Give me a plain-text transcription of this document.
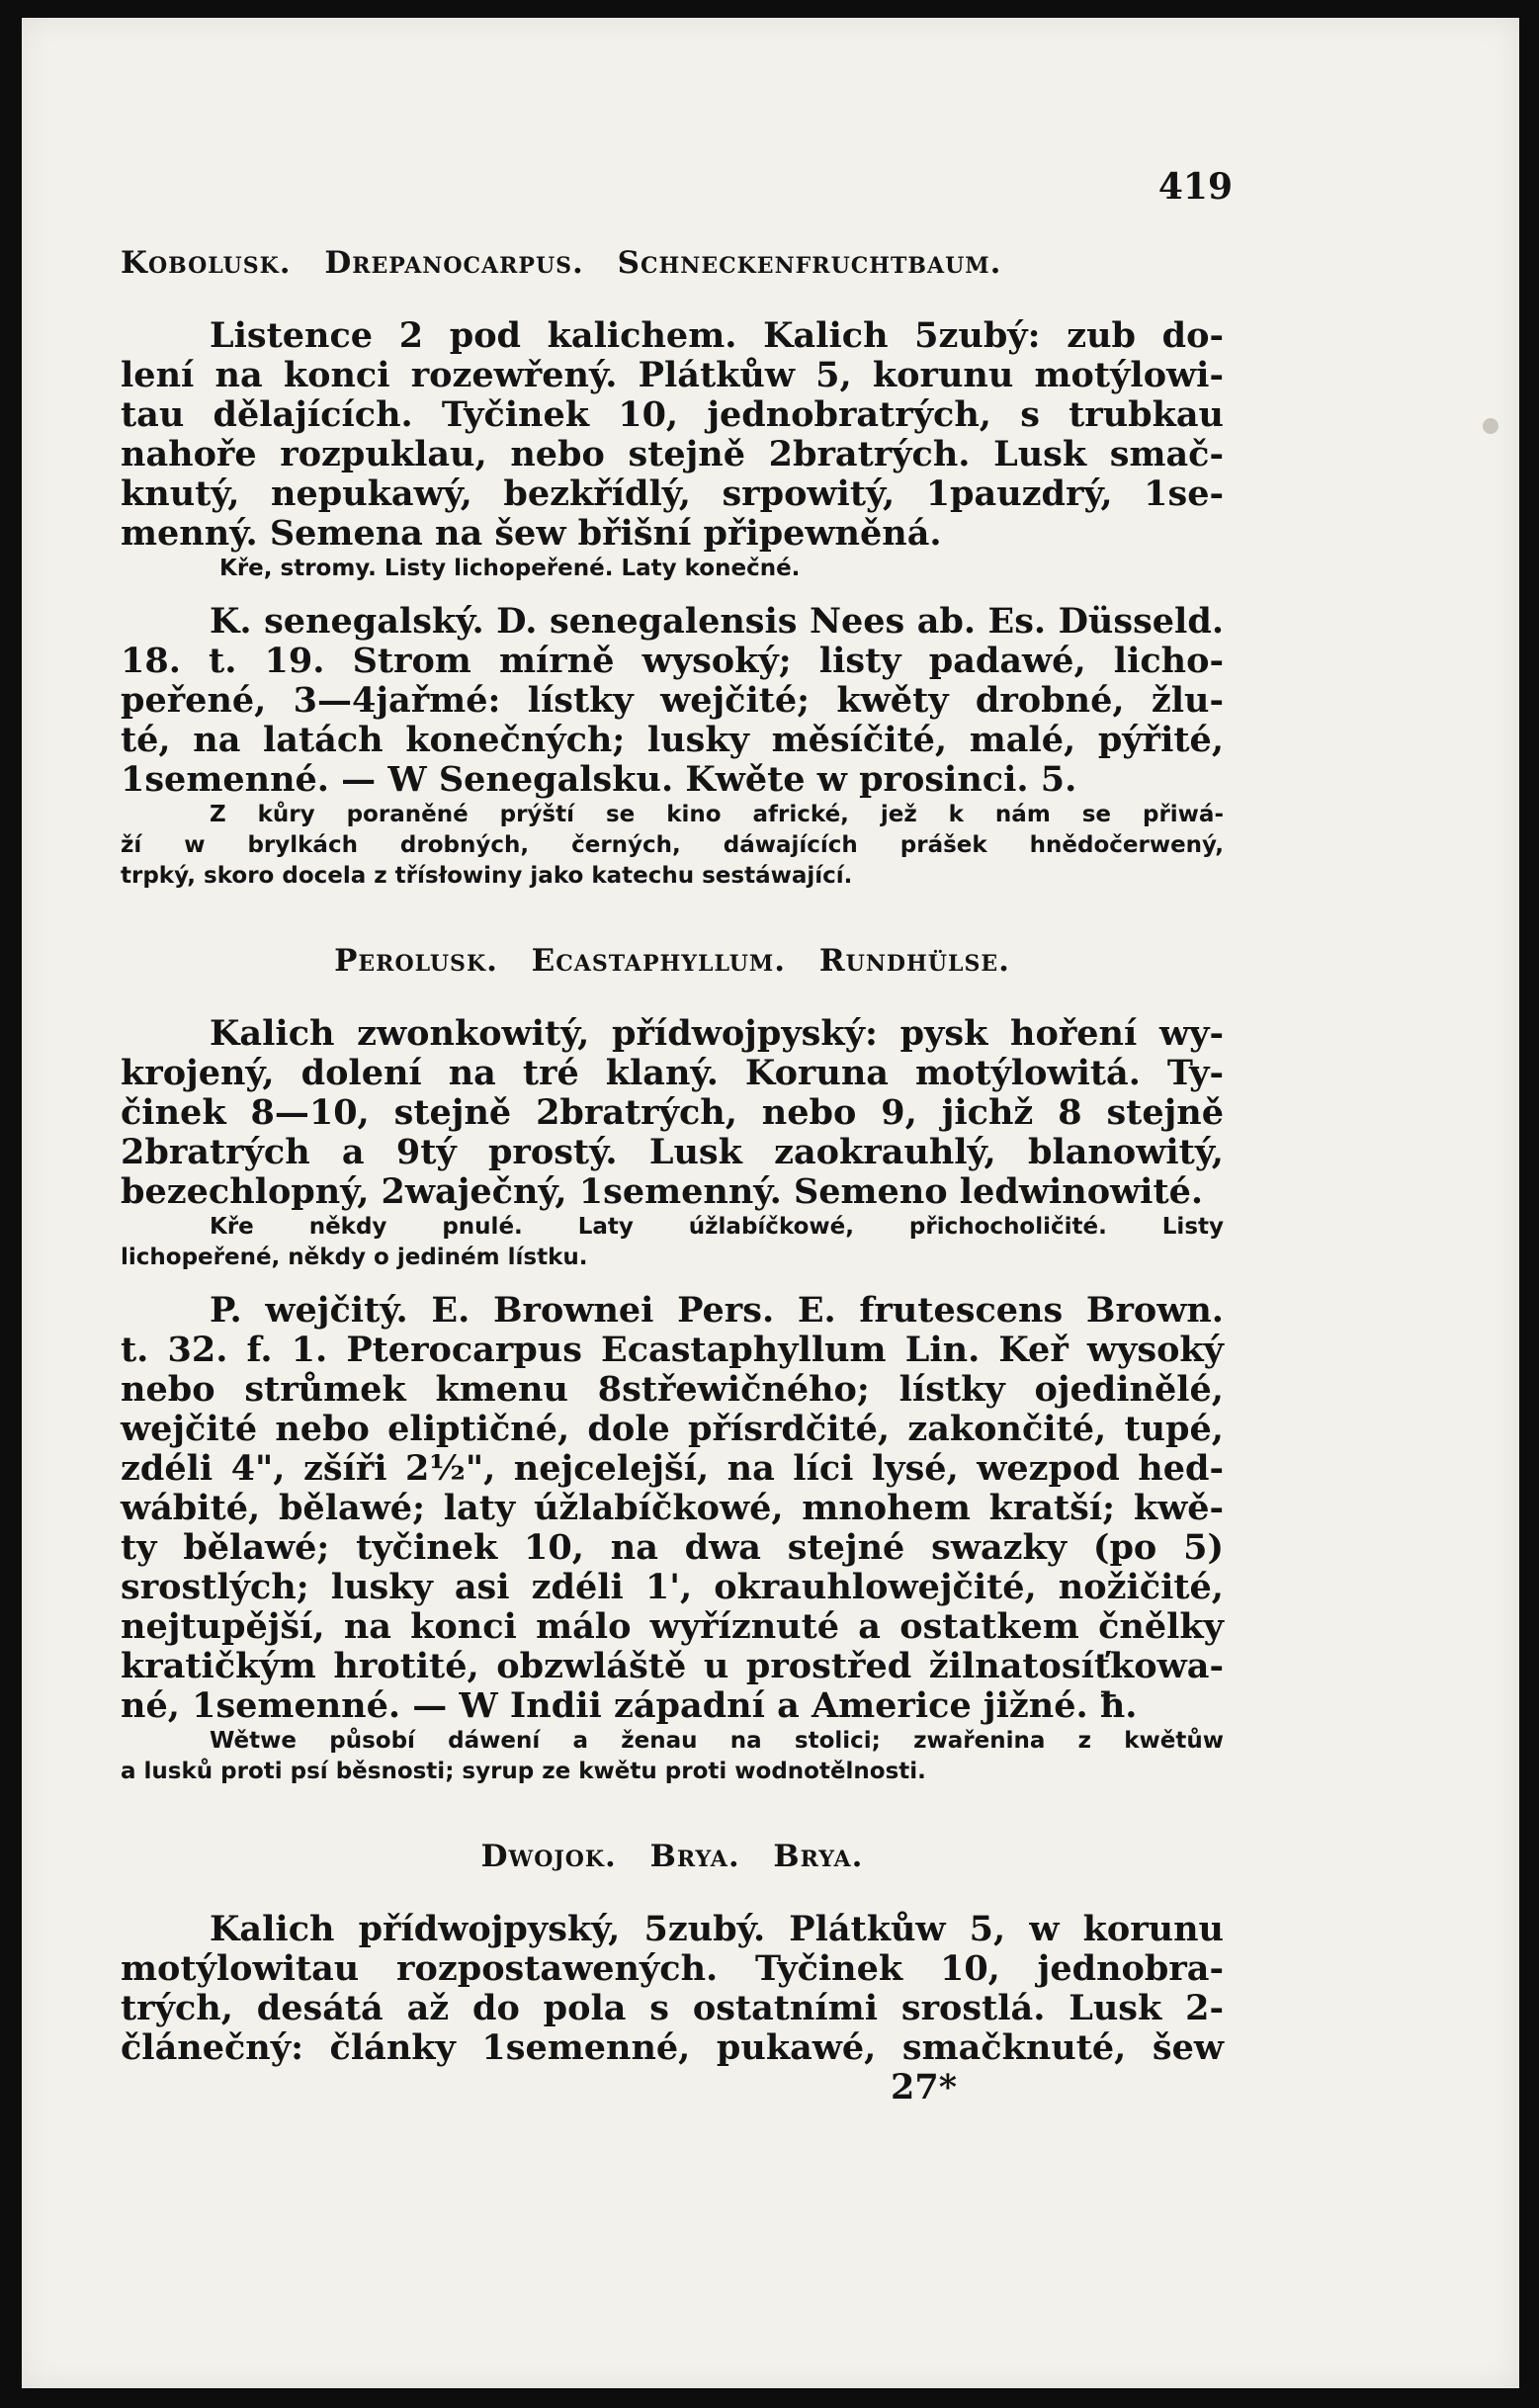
419
Kobolusk. Drepanocarpus. Schneckenfruchtbaum.
Listence 2 pod kalichem. Kalich 5zubý: zub do-
lení na konci rozewřený. Plátkůw 5, korunu motýlowi-
tau dělajících. Tyčinek 10, jednobratrých, s trubkau
nahoře rozpuklau, nebo stejně 2bratrých. Lusk smač-
knutý, nepukawý, bezkřídlý, srpowitý, 1pauzdrý, 1se-
menný. Semena na šew břišní připewněná.
Kře, stromy. Listy lichopeřené. Laty konečné.
K. senegalský. D. senegalensis Nees ab. Es. Düsseld.
18. t. 19. Strom mírně wysoký; listy padawé, licho-
peřené, 3—4jařmé: lístky wejčité; kwěty drobné, žlu-
té, na latách konečných; lusky měsíčité, malé, pýřité,
1semenné. — W Senegalsku. Kwěte w prosinci. 5.
Z kůry poraněné prýští se kino africké, jež k nám se přiwá-
ží w brylkách drobných, černých, dáwajících prášek hnědočerwený,
trpký, skoro docela z třísłowiny jako katechu sestáwající.
Perolusk. Ecastaphyllum. Rundhülse.
Kalich zwonkowitý, přídwojpyský: pysk hoření wy-
krojený, dolení na tré klaný. Koruna motýlowitá. Ty-
činek 8—10, stejně 2bratrých, nebo 9, jichž 8 stejně
2bratrých a 9tý prostý. Lusk zaokrauhlý, blanowitý,
bezechlopný, 2waječný, 1semenný. Semeno ledwinowité.
Kře někdy pnulé. Laty úžlabíčkowé, přichocholičité. Listy
lichopeřené, někdy o jediném lístku.
P. wejčitý. E. Brownei Pers. E. frutescens Brown.
t. 32. f. 1. Pterocarpus Ecastaphyllum Lin. Keř wysoký
nebo strůmek kmenu 8střewičného; lístky ojedinělé,
wejčité nebo eliptičné, dole přísrdčité, zakončité, tupé,
zdéli 4", zšíři 2½", nejcelejší, na líci lysé, wezpod hed-
wábité, bělawé; laty úžlabíčkowé, mnohem kratší; kwě-
ty bělawé; tyčinek 10, na dwa stejné swazky (po 5)
srostlých; lusky asi zdéli 1', okrauhlowejčité, nožičité,
nejtupější, na konci málo wyříznuté a ostatkem čnělky
kratičkým hrotité, obzwláště u prostřed žilnatosíťkowa-
né, 1semenné. — W Indii západní a Americe jižné. ħ.
Wětwe působí dáwení a ženau na stolici; zwařenina z kwětůw
a lusků proti psí běsnosti; syrup ze kwětu proti wodnotělnosti.
Dwojok. Brya. Brya.
Kalich přídwojpyský, 5zubý. Plátkůw 5, w korunu
motýlowitau rozpostawených. Tyčinek 10, jednobra-
trých, desátá až do pola s ostatními srostlá. Lusk 2-
článečný: články 1semenné, pukawé, smačknuté, šew
27*
